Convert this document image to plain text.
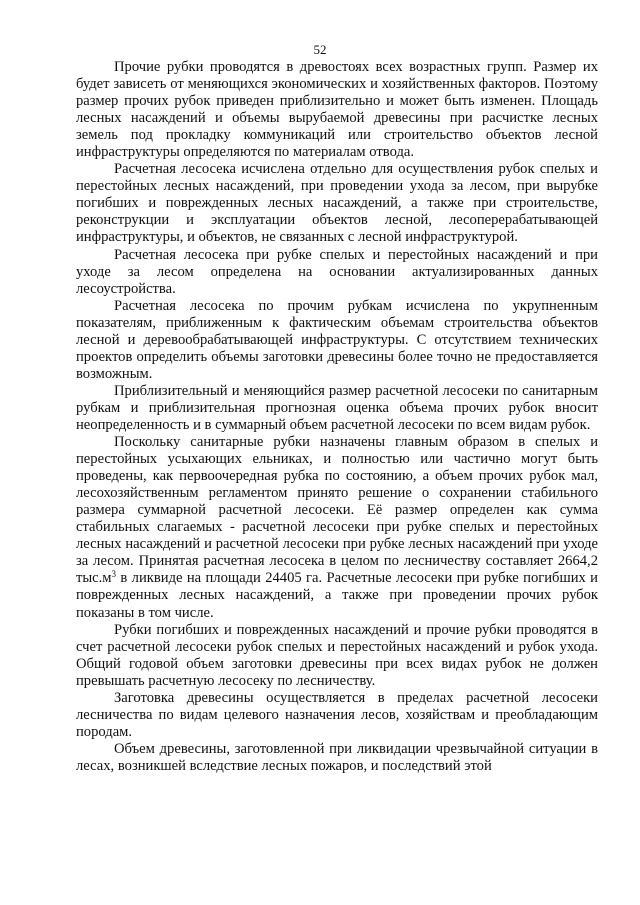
52

Прочие рубки проводятся в древостоях всех возрастных групп. Размер их будет зависеть от меняющихся экономических и хозяйственных факторов. Поэтому размер прочих рубок приведен приблизительно и может быть изменен. Площадь лесных насаждений и объемы вырубаемой древесины при расчистке лесных земель под прокладку коммуникаций или строительство объектов лесной инфраструктуры определяются по материалам отвода.

Расчетная лесосека исчислена отдельно для осуществления рубок спелых и перестойных лесных насаждений, при проведении ухода за лесом, при вырубке погибших и поврежденных лесных насаждений, а также при строительстве, реконструкции и эксплуатации объектов лесной, лесоперерабатывающей инфраструктуры, и объектов, не связанных с лесной инфраструктурой.

Расчетная лесосека при рубке спелых и перестойных насаждений и при уходе за лесом определена на основании актуализированных данных лесоустройства.

Расчетная лесосека по прочим рубкам исчислена по укрупненным показателям, приближенным к фактическим объемам строительства объектов лесной и деревообрабатывающей инфраструктуры. С отсутствием технических проектов определить объемы заготовки древесины более точно не предоставляется возможным.

Приблизительный и меняющийся размер расчетной лесосеки по санитарным рубкам и приблизительная прогнозная оценка объема прочих рубок вносит неопределенность и в суммарный объем расчетной лесосеки по всем видам рубок.

Поскольку санитарные рубки назначены главным образом в спелых и перестойных усыхающих ельниках, и полностью или частично могут быть проведены, как первоочередная рубка по состоянию, а объем прочих рубок мал, лесохозяйственным регламентом принято решение о сохранении стабильного размера суммарной расчетной лесосеки. Её размер определен как сумма стабильных слагаемых - расчетной лесосеки при рубке спелых и перестойных лесных насаждений и расчетной лесосеки при рубке лесных насаждений при уходе за лесом. Принятая расчетная лесосека в целом по лесничеству составляет 2664,2 $тыс.м^3$ в ликвиде на площади 24405 га. Расчетные лесосеки при рубке погибших и поврежденных лесных насаждений, а также при проведении прочих рубок показаны в том числе.

Рубки погибших и поврежденных насаждений и прочие рубки проводятся в счет расчетной лесосеки рубок спелых и перестойных насаждений и рубок ухода. Общий годовой объем заготовки древесины при всех видах рубок не должен превышать расчетную лесосеку по лесничеству.

Заготовка древесины осуществляется в пределах расчетной лесосеки лесничества по видам целевого назначения лесов, хозяйствам и преобладающим породам.

Объем древесины, заготовленной при ликвидации чрезвычайной ситуации в лесах, возникшей вследствие лесных пожаров, и последствий этой
